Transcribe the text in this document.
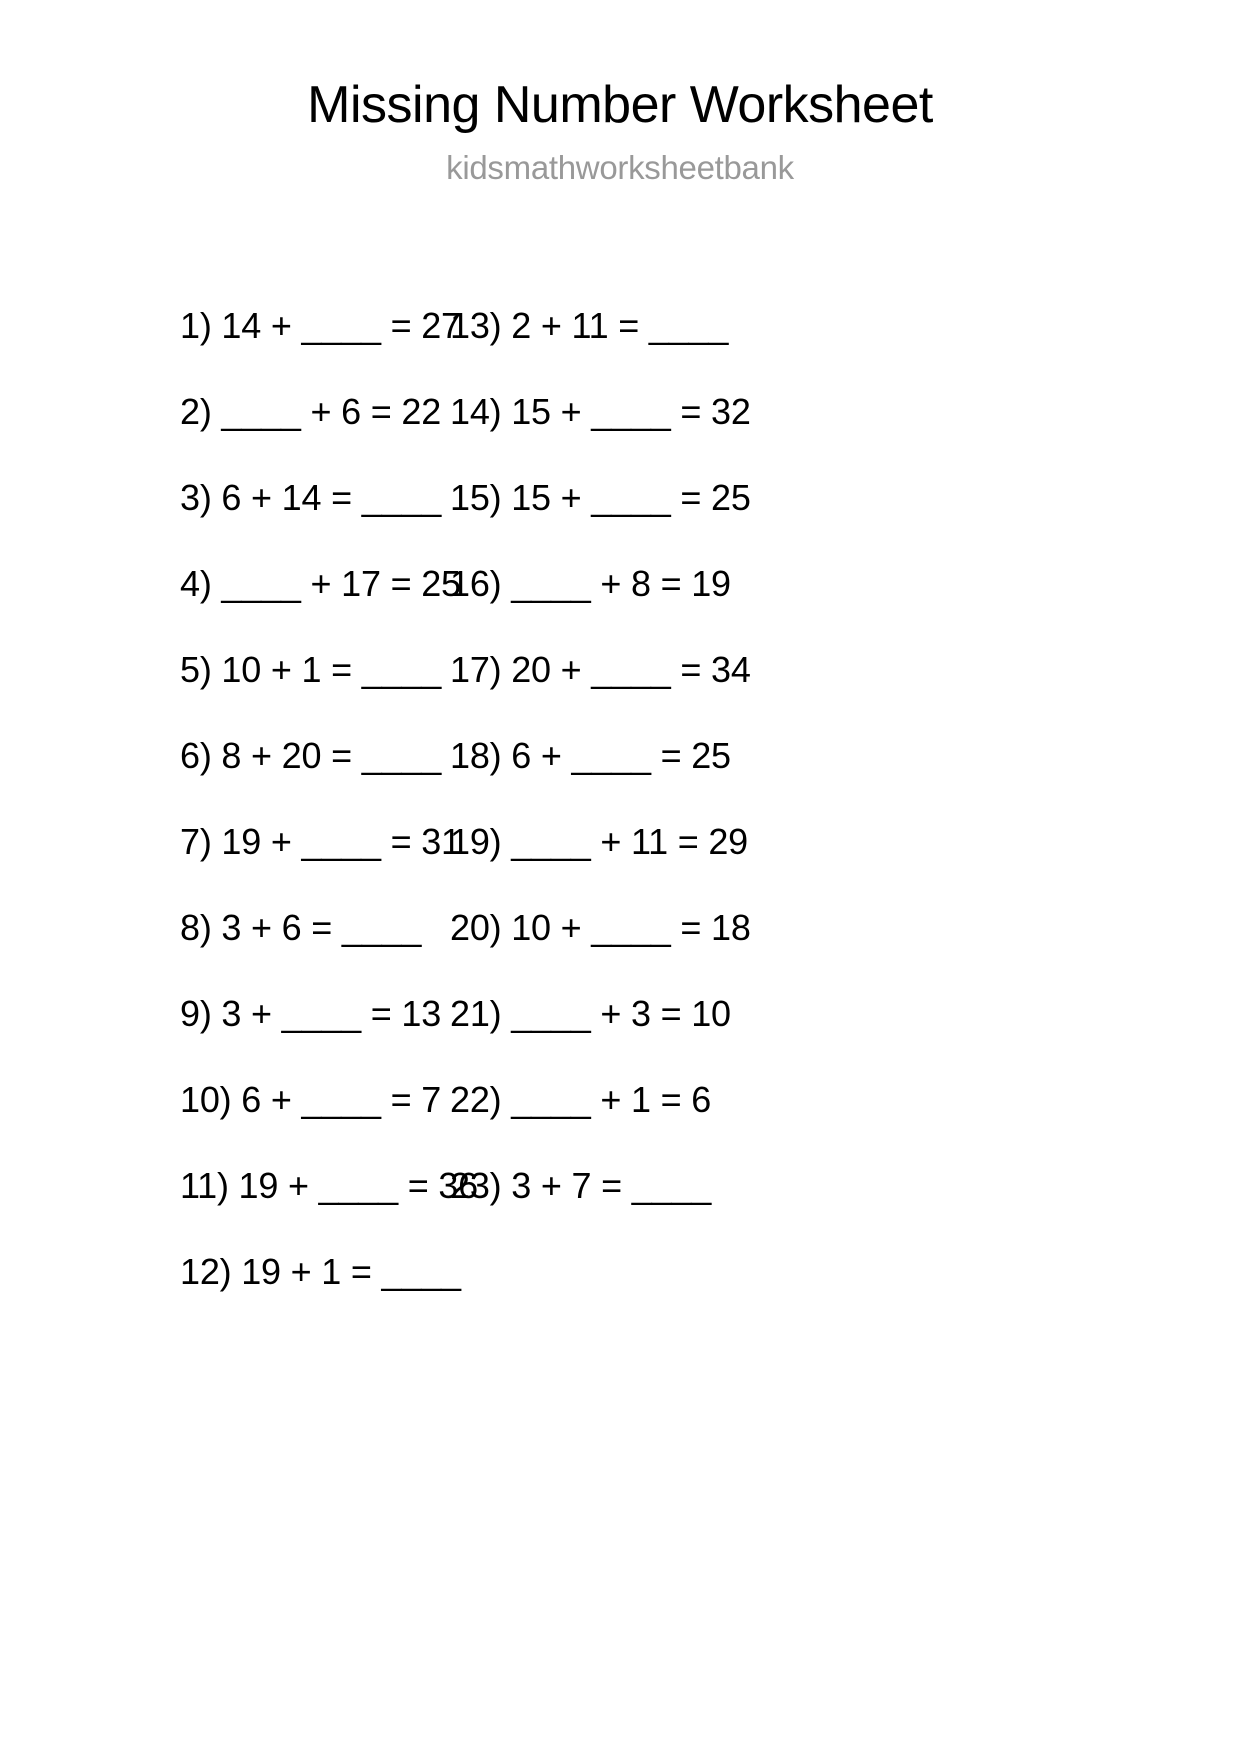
Missing Number Worksheet
kidsmathworksheetbank
1) 14 + ____ = 27
2) ____ + 6 = 22
3) 6 + 14 = ____
4) ____ + 17 = 25
5) 10 + 1 = ____
6) 8 + 20 = ____
7) 19 + ____ = 31
8) 3 + 6 = ____
9) 3 + ____ = 13
10) 6 + ____ = 7
11) 19 + ____ = 36
12) 19 + 1 = ____
13) 2 + 11 = ____
14) 15 + ____ = 32
15) 15 + ____ = 25
16) ____ + 8 = 19
17) 20 + ____ = 34
18) 6 + ____ = 25
19) ____ + 11 = 29
20) 10 + ____ = 18
21) ____ + 3 = 10
22) ____ + 1 = 6
23) 3 + 7 = ____
